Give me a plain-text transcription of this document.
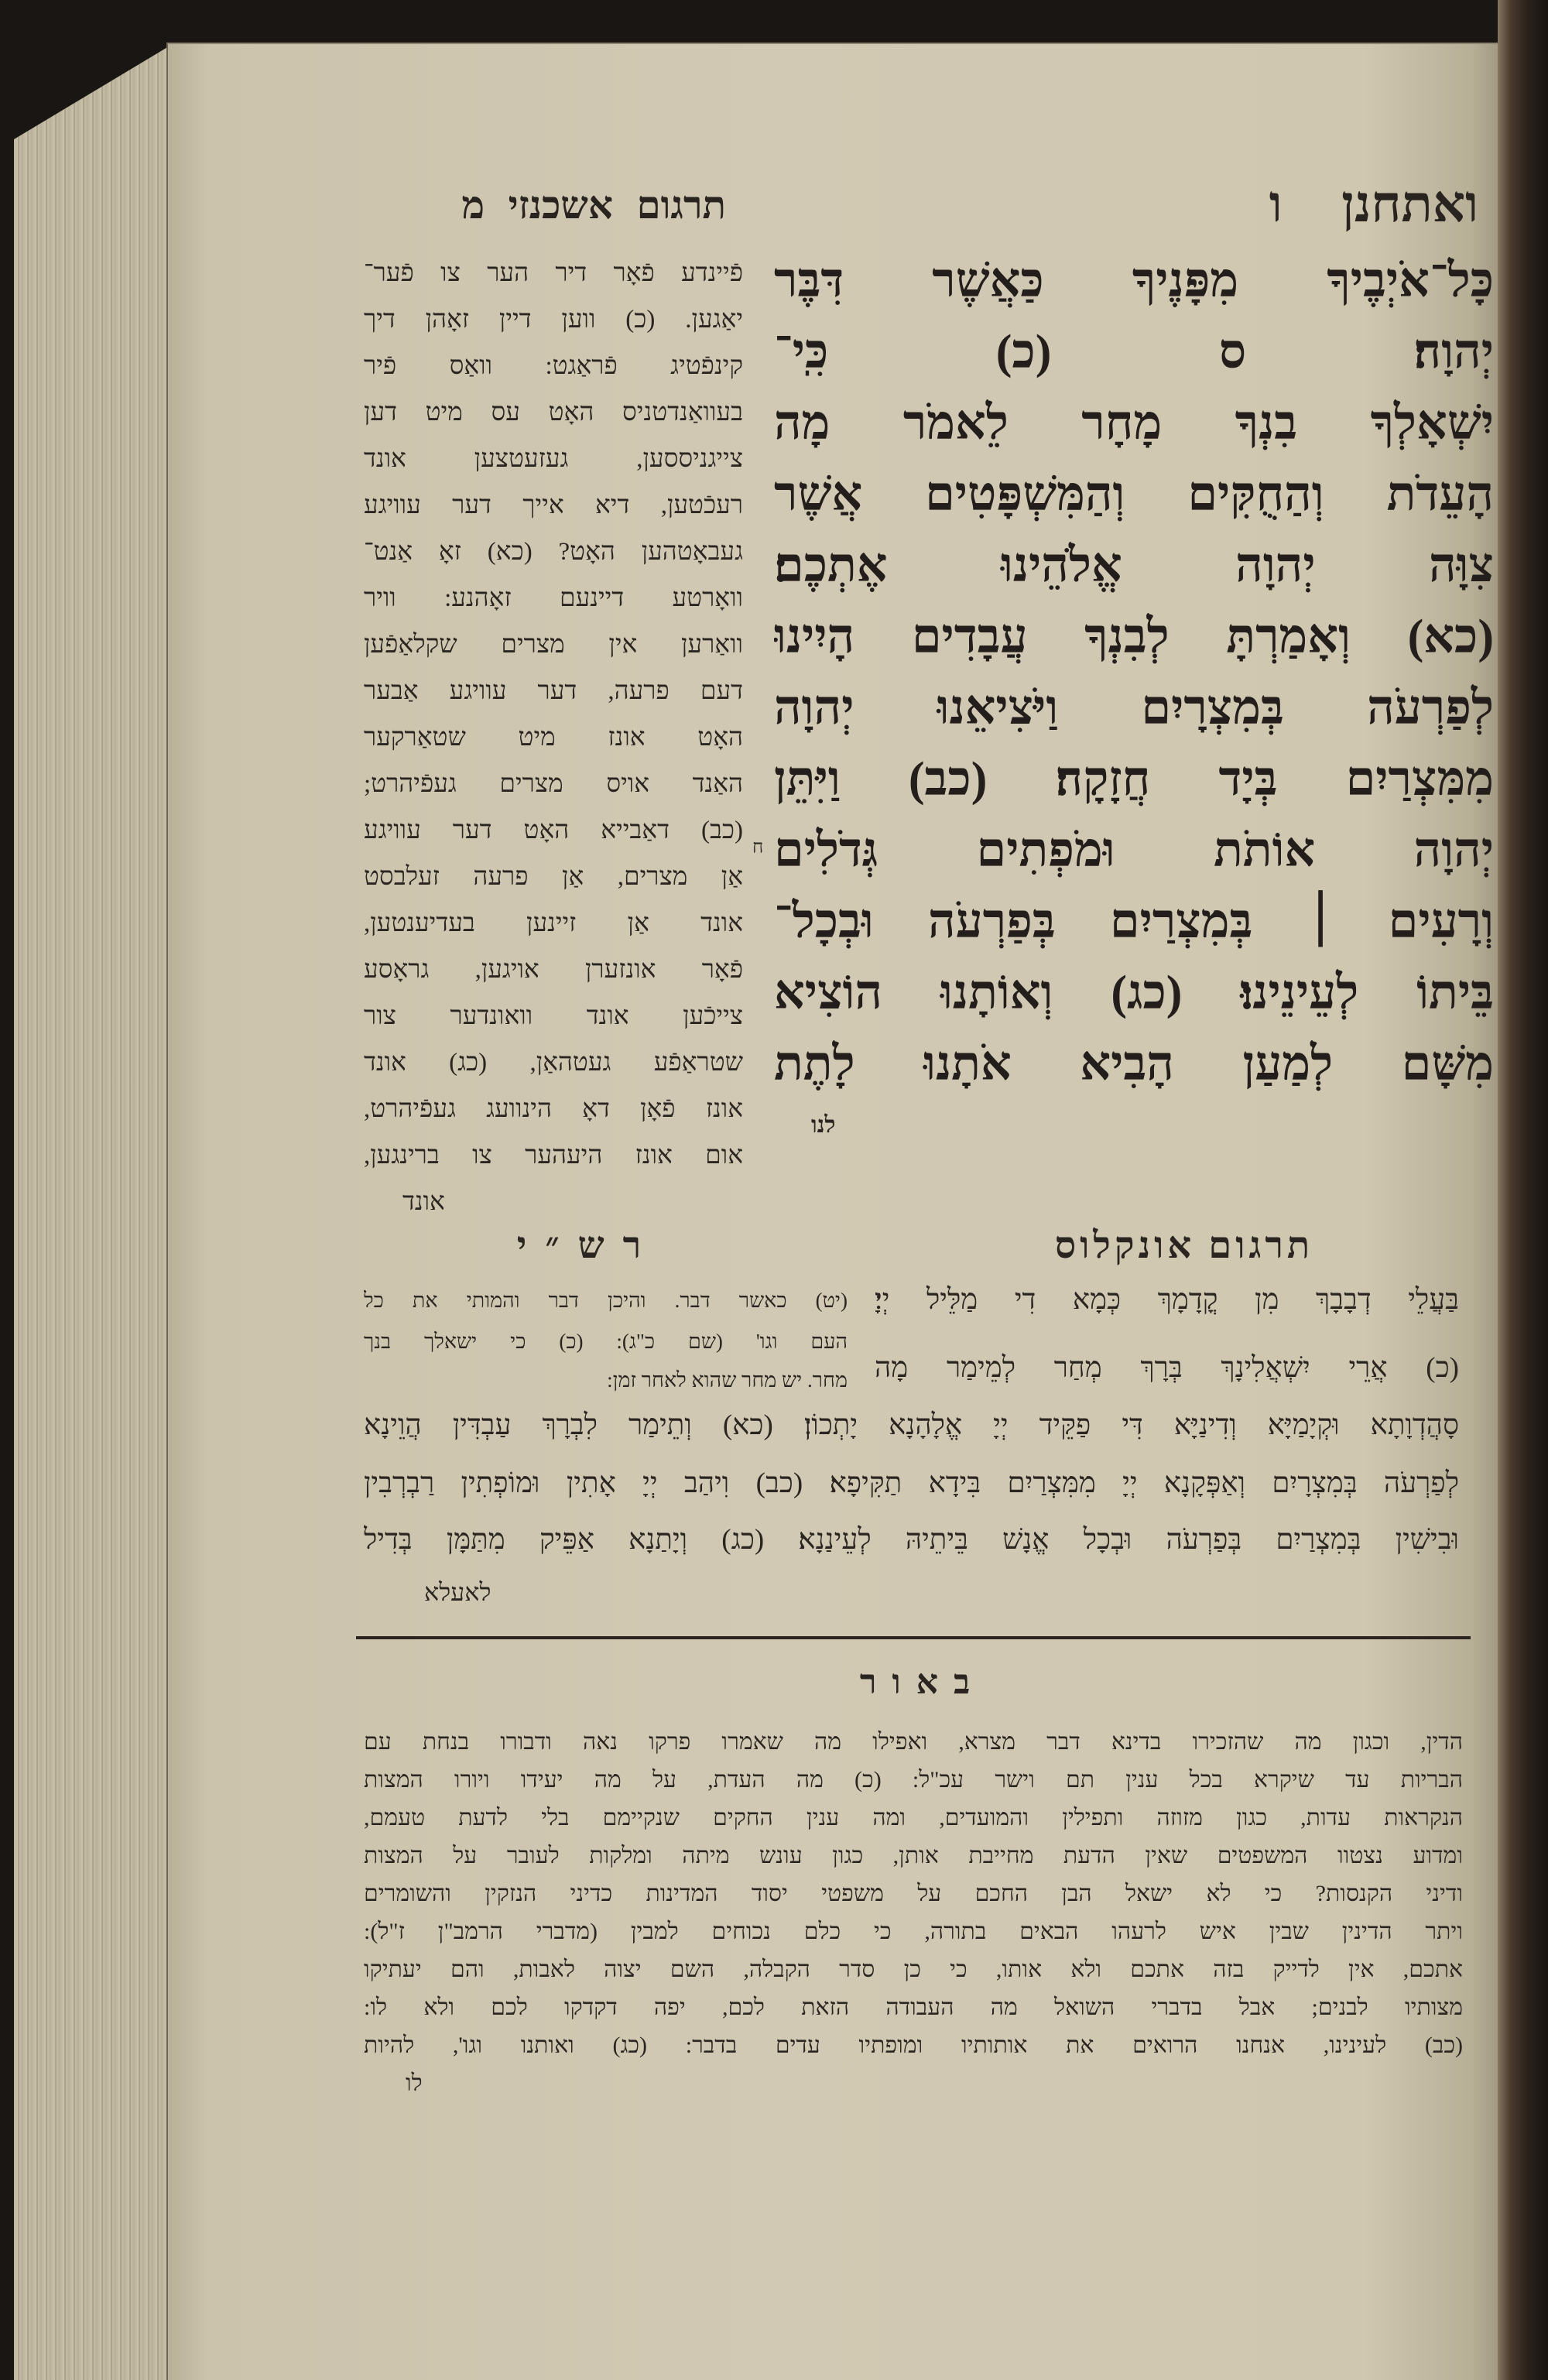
ואתחנן ו
תרגום אשכנזי מ
כָּל־אֹיְבֶיךָ מִפָּנֶיךָ כַּאֲשֶׁר דִּבֶּר
יְהוָה׃ ס (כ) כִּֽי־
יִשְׁאָלְךָ בִנְךָ מָחָר לֵאמֹר מָה
הָעֵדֹת וְהַחֻקִּים וְהַמִּשְׁפָּטִים אֲשֶׁר
צִוָּה יְהוָה אֱלֹהֵינוּ אֶתְכֶם׃
(כא) וְאָמַרְתָּ לְבִנְךָ עֲבָדִים הָיִינוּ
לְפַרְעֹה בְּמִצְרָיִם וַיֹּצִיאֵנוּ יְהוָה
מִמִּצְרַיִם בְּיָד חֲזָקָה׃ (כב) וַיִּתֵּן
יְהוָה אוֹתֹת וּמֹפְתִים גְּדֹלִים
וְרָעִים ׀ בְּמִצְרַיִם בְּפַרְעֹה וּבְכָל־
בֵּיתוֹ לְעֵינֵינוּ׃ (כג) וְאוֹתָנוּ הוֹצִיא
מִשָּׁם לְמַעַן הָבִיא אֹתָנוּ לָתֶת
לנו
ח
פֿיינדע פֿאָר דיר הער צו פֿער־
יאַגען. (כ) ווען דיין זאָהן דיך
קינפֿטיג פֿראַגט: וואַס פֿיר
בעוואַנדטניס האָט עס מיט דען
צייגניססען, געזעטצען אונד
רעכֿטען, דיא אייך דער עוויגע
געבאָטהען האָט? (כא) זאָ אַנט־
וואָרטע דיינעם זאָהנע: וויר
וואַרען אין מצרים שקלאַפֿען
דעם פרעה, דער עוויגע אַבער
האָט אונז מיט שטאַרקער
האַנד אויס מצרים געפֿיהרט;
(כב) דאַבייא האָט דער עוויגע
אַן מצרים, אַן פרעה זעלבסט
אונד אַן זיינען בעדיענטען,
פֿאָר אונזערן אויגען, גראָסע
צייכֿען אונד וואונדער צור
שטראַפֿע געטהאַן, (כג) אונד
אונז פֿאָן דאָ הינוועג געפֿיהרט,
אום אונז היעהער צו ברינגען,
אונד
תרגום אונקלוס
רש״י
בַּעֲלֵי דְבָבָךְ מִן קֳדָמָךְ כְּמָא דִי מַלֵּיל יְיָ׃
(כ) אֲרֵי יִשְׁאֲלִינָךְ בְּרָךְ מְחַר לְמֵימַר מָה
סָהֲדְוָתָא וּקְיָמַיָּא וְדִינַיָּא דִּי פַקֵּיד יְיָ אֱלָהָנָא יָתְכוֹן׃ (כא) וְתֵימַר לִבְרָךְ עַבְדִּין הֲוֵינָא
לְפַרְעֹה בְּמִצְרָיִם וְאַפְּקָנָא יְיָ מִמִּצְרַיִם בִּידָא תַקִּיפָא׃ (כב) וִיהַב יְיָ אָתִין וּמוֹפְתִין רַבְרְבִין
וּבִישִׁין בְּמִצְרַיִם בְּפַרְעֹה וּבְכָל אֱנָשׁ בֵּיתֵיהּ לְעֵינַנָא׃ (כג) וְיָתַנָא אַפֵּיק מִתַּמָּן בְּדִיל
לאעלא
(יט) כאשר דבר. והיכן דבר והמותי את כל
העם וגו' (שם כ"ג): (כ) כי ישאלך בנך
מחר. יש מחר שהוא לאחר זמן:
באור
הדין, וכגון מה שהזכירו בדינא דבר מצרא, ואפילו מה שאמרו פרקו נאה ודבורו בנחת עם
הבריות עד שיקרא בכל ענין תם וישר עכ"ל: (כ) מה העדת, על מה יעידו ויורו המצות
הנקראות עדות, כגון מזוזה ותפילין והמועדים, ומה ענין החקים שנקיימם בלי לדעת טעמם,
ומדוע נצטוו המשפטים שאין הדעת מחייבת אותן, כגון עונש מיתה ומלקות לעובר על המצות
ודיני הקנסות? כי לא ישאל הבן החכם על משפטי יסוד המדינות כדיני הנזקין והשומרים
ויתר הדינין שבין איש לרעהו הבאים בתורה, כי כלם נכוחים למבין (מדברי הרמב"ן ז"ל):
אתכם, אין לדייק בזה אתכם ולא אותו, כי כן סדר הקבלה, השם יצוה לאבות, והם יעתיקו
מצותיו לבנים; אבל בדברי השואל מה העבודה הזאת לכם, יפה דקדקו לכם ולא לו:
(כב) לעינינו, אנחנו הרואים את אותותיו ומופתיו עדים בדבר: (כג) ואותנו וגו', להיות
לו
